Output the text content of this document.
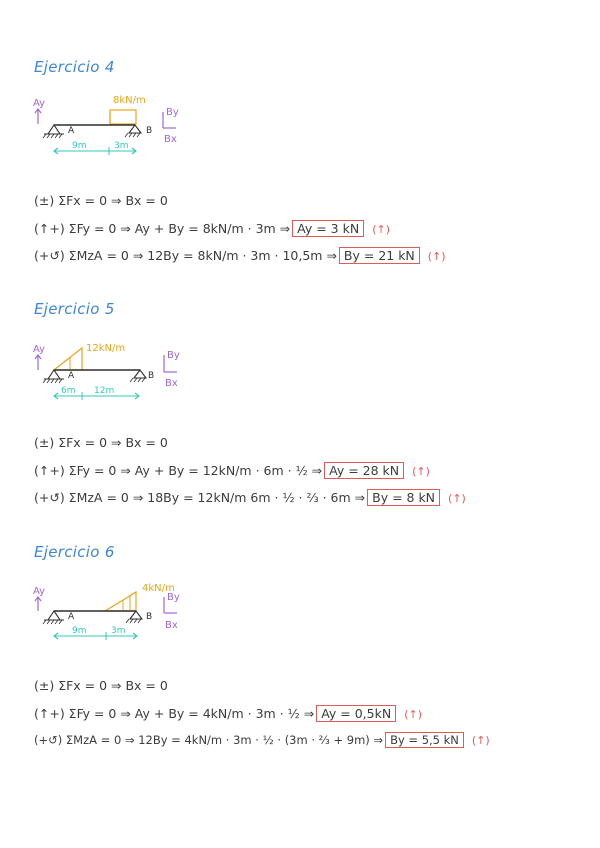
Ejercicio 4
Ay	8kN/m
A	B
By
Bx
9m	3m
(±) ΣFx = 0 ⇒ Bx = 0
(↑+) ΣFy = 0 ⇒ Ay + By = 8kN/m · 3m ⇒ Ay = 3 kN (↑)
(+↺) ΣMzA = 0 ⇒ 12By = 8kN/m · 3m · 10,5m ⇒ By = 21 kN (↑)
Ejercicio 5
Ay	12kN/m
A	B
By
Bx
6m 12m
(±) ΣFx = 0 ⇒ Bx = 0
(↑+) ΣFy = 0 ⇒ Ay + By = 12kN/m · 6m · ½ ⇒ Ay = 28 kN (↑)
(+↺) ΣMzA = 0 ⇒ 18By = 12kN/m 6m · ½ · ⅔ · 6m ⇒ By = 8 kN (↑)
Ejercicio 6
Ay	4kN/m
A	B
By
Bx
9m	3m
(±) ΣFx = 0 ⇒ Bx = 0
(↑+) ΣFy = 0 ⇒ Ay + By = 4kN/m · 3m · ½ ⇒ Ay = 0,5kN (↑)
(+↺) ΣMzA = 0 ⇒ 12By = 4kN/m · 3m · ½ · (3m · ⅔ + 9m) ⇒ By = 5,5 kN (↑)
